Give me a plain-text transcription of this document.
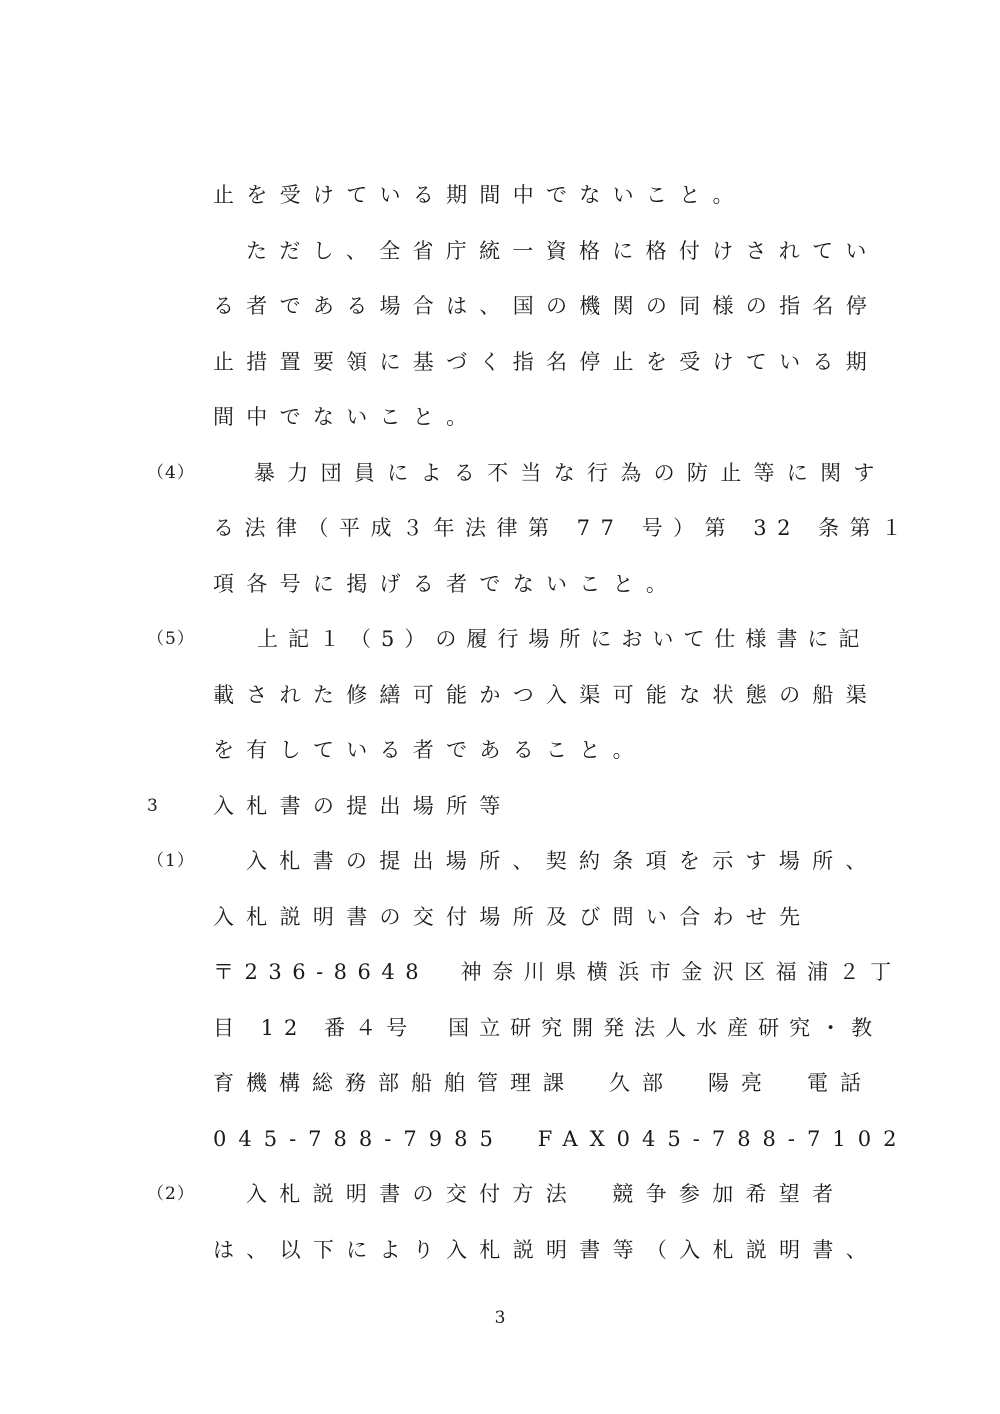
止を受けている期間中でないこと。
ただし、全省庁統一資格に格付けされてい
る者である場合は、国の機関の同様の指名停
止措置要領に基づく指名停止を受けている期
間中でないこと。
（4）	暴力団員による不当な行為の防止等に関す
る法律（平成３年法律第 77 号）第 32 条第１
項各号に掲げる者でないこと。
（5）	上記１（5）の履行場所において仕様書に記
載された修繕可能かつ入渠可能な状態の船渠
を有している者であること。
3	入札書の提出場所等
（1） 入札書の提出場所、契約条項を示す場所、
入札説明書の交付場所及び問い合わせ先
〒236-8648　神奈川県横浜市金沢区福浦２丁
目 12 番４号　国立研究開発法人水産研究・教
育機構総務部船舶管理課　久部　陽亮　電話
045-788-7985　FAX045-788-7102
（2） 入札説明書の交付方法　競争参加希望者
は、以下により入札説明書等（入札説明書、
3
